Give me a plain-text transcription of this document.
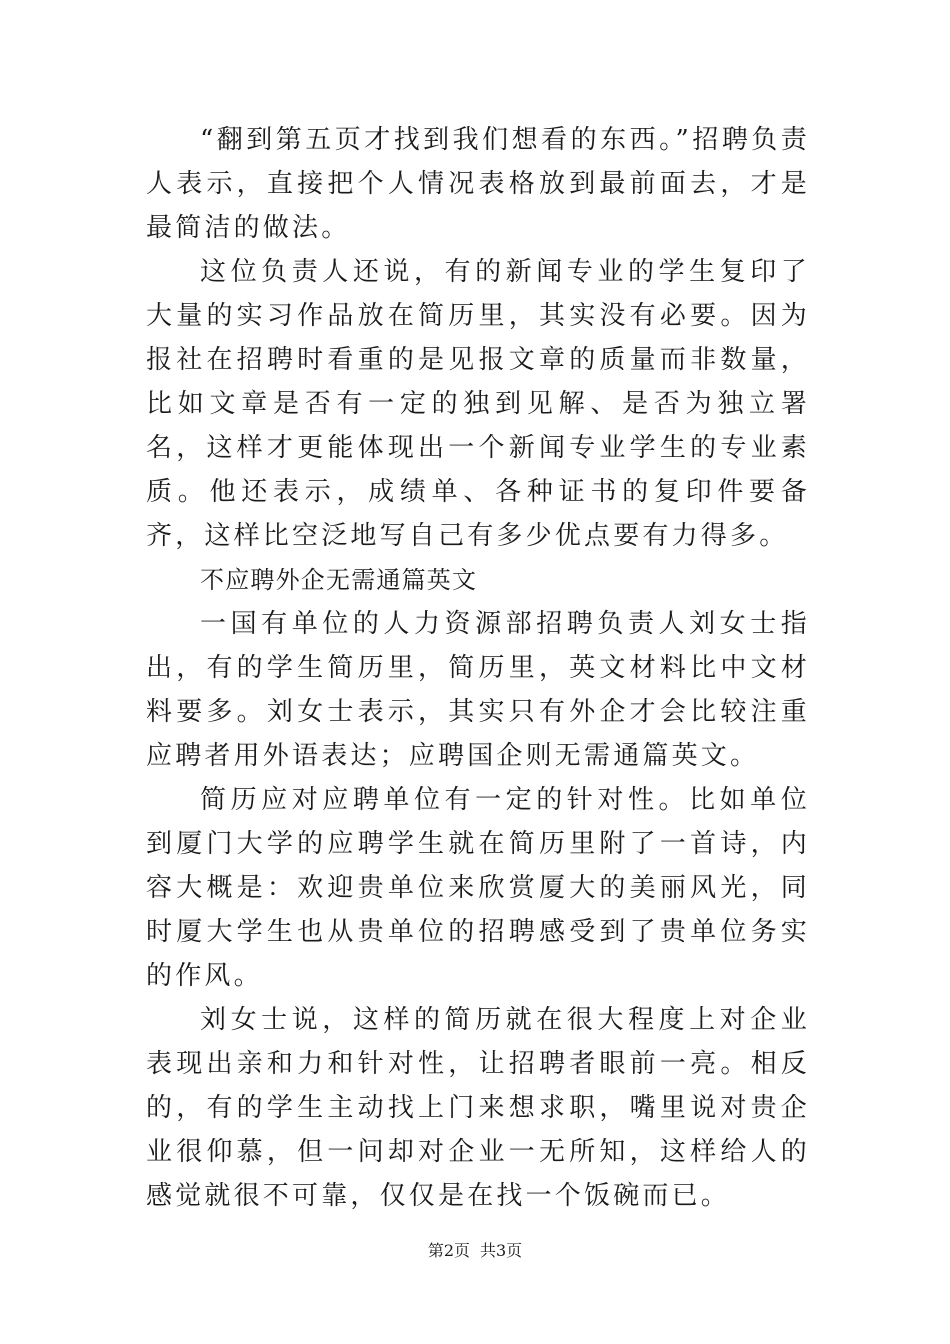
“翻到第五页才找到我们想看的东西。”招聘负责人表示，直接把个人情况表格放到最前面去，才是最简洁的做法。

这位负责人还说，有的新闻专业的学生复印了大量的实习作品放在简历里，其实没有必要。因为报社在招聘时看重的是见报文章的质量而非数量，比如文章是否有一定的独到见解、是否为独立署名，这样才更能体现出一个新闻专业学生的专业素质。他还表示，成绩单、各种证书的复印件要备齐，这样比空泛地写自己有多少优点要有力得多。

不应聘外企无需通篇英文

一国有单位的人力资源部招聘负责人刘女士指出，有的学生简历里，简历里，英文材料比中文材料要多。刘女士表示，其实只有外企才会比较注重应聘者用外语表达；应聘国企则无需通篇英文。

简历应对应聘单位有一定的针对性。比如单位到厦门大学的应聘学生就在简历里附了一首诗，内容大概是：欢迎贵单位来欣赏厦大的美丽风光，同时厦大学生也从贵单位的招聘感受到了贵单位务实的作风。

刘女士说，这样的简历就在很大程度上对企业表现出亲和力和针对性，让招聘者眼前一亮。相反的，有的学生主动找上门来想求职，嘴里说对贵企业很仰慕，但一问却对企业一无所知，这样给人的感觉就很不可靠，仅仅是在找一个饭碗而已。

第2页 共3页
